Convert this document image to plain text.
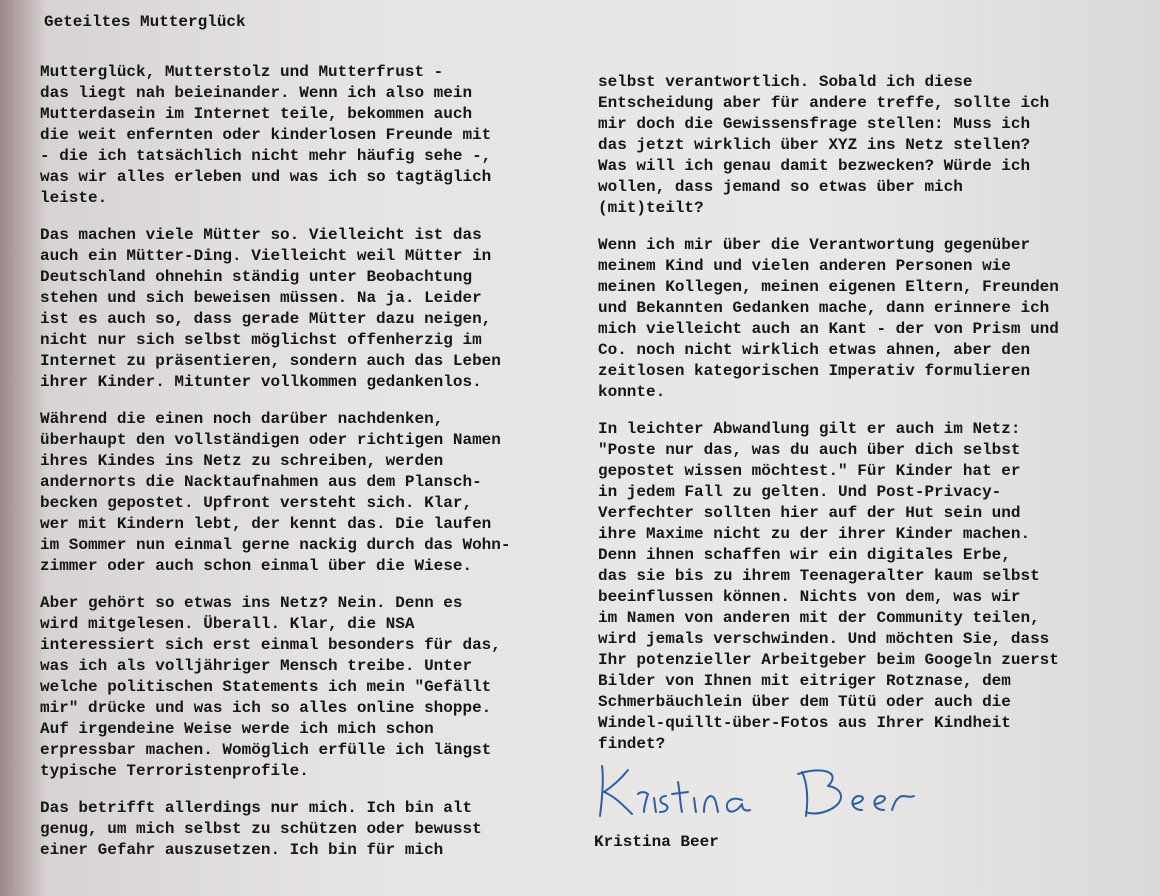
Geteiltes Mutterglück
Mutterglück, Mutterstolz und Mutterfrust -
das liegt nah beieinander. Wenn ich also mein
Mutterdasein im Internet teile, bekommen auch
die weit enfernten oder kinderlosen Freunde mit
- die ich tatsächlich nicht mehr häufig sehe -,
was wir alles erleben und was ich so tagtäglich
leiste.
Das machen viele Mütter so. Vielleicht ist das
auch ein Mütter-Ding. Vielleicht weil Mütter in
Deutschland ohnehin ständig unter Beobachtung
stehen und sich beweisen müssen. Na ja. Leider
ist es auch so, dass gerade Mütter dazu neigen,
nicht nur sich selbst möglichst offenherzig im
Internet zu präsentieren, sondern auch das Leben
ihrer Kinder. Mitunter vollkommen gedankenlos.
Während die einen noch darüber nachdenken,
überhaupt den vollständigen oder richtigen Namen
ihres Kindes ins Netz zu schreiben, werden
andernorts die Nacktaufnahmen aus dem Plansch-
becken gepostet. Upfront versteht sich. Klar,
wer mit Kindern lebt, der kennt das. Die laufen
im Sommer nun einmal gerne nackig durch das Wohn-
zimmer oder auch schon einmal über die Wiese.
Aber gehört so etwas ins Netz? Nein. Denn es
wird mitgelesen. Überall. Klar, die NSA
interessiert sich erst einmal besonders für das,
was ich als volljähriger Mensch treibe. Unter
welche politischen Statements ich mein "Gefällt
mir" drücke und was ich so alles online shoppe.
Auf irgendeine Weise werde ich mich schon
erpressbar machen. Womöglich erfülle ich längst
typische Terroristenprofile.
Das betrifft allerdings nur mich. Ich bin alt
genug, um mich selbst zu schützen oder bewusst
einer Gefahr auszusetzen. Ich bin für mich
selbst verantwortlich. Sobald ich diese
Entscheidung aber für andere treffe, sollte ich
mir doch die Gewissensfrage stellen: Muss ich
das jetzt wirklich über XYZ ins Netz stellen?
Was will ich genau damit bezwecken? Würde ich
wollen, dass jemand so etwas über mich
(mit)teilt?
Wenn ich mir über die Verantwortung gegenüber
meinem Kind und vielen anderen Personen wie
meinen Kollegen, meinen eigenen Eltern, Freunden
und Bekannten Gedanken mache, dann erinnere ich
mich vielleicht auch an Kant - der von Prism und
Co. noch nicht wirklich etwas ahnen, aber den
zeitlosen kategorischen Imperativ formulieren
konnte.
In leichter Abwandlung gilt er auch im Netz:
"Poste nur das, was du auch über dich selbst
gepostet wissen möchtest." Für Kinder hat er
in jedem Fall zu gelten. Und Post-Privacy-
Verfechter sollten hier auf der Hut sein und
ihre Maxime nicht zu der ihrer Kinder machen.
Denn ihnen schaffen wir ein digitales Erbe,
das sie bis zu ihrem Teenageralter kaum selbst
beeinflussen können. Nichts von dem, was wir
im Namen von anderen mit der Community teilen,
wird jemals verschwinden. Und möchten Sie, dass
Ihr potenzieller Arbeitgeber beim Googeln zuerst
Bilder von Ihnen mit eitriger Rotznase, dem
Schmerbäuchlein über dem Tütü oder auch die
Windel-quillt-über-Fotos aus Ihrer Kindheit
findet?
Kristina Beer
